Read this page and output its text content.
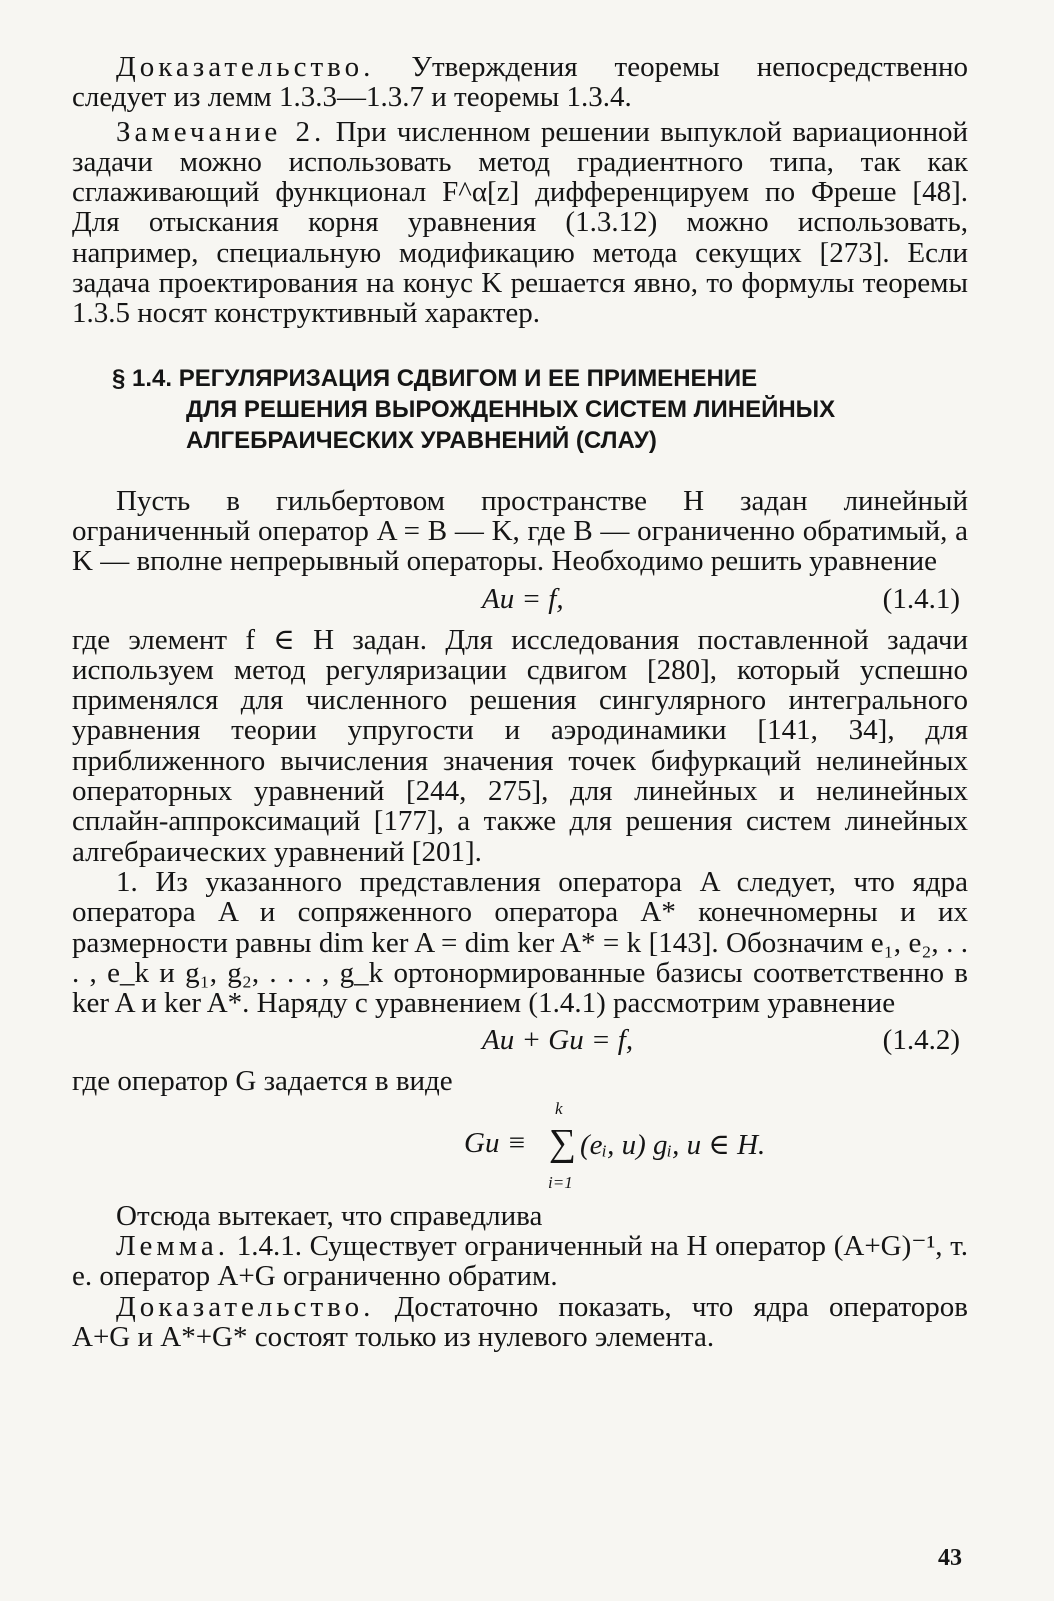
Доказательство. Утверждения теоремы непосредственно следует из лемм 1.3.3—1.3.7 и теоремы 1.3.4.

Замечание 2. При численном решении выпуклой вариационной задачи можно использовать метод градиентного типа, так как сглаживающий функционал F^α[z] дифференцируем по Фреше [48]. Для отыскания корня уравнения (1.3.12) можно использовать, например, специальную модификацию метода секущих [273]. Если задача проектирования на конус K решается явно, то формулы теоремы 1.3.5 носят конструктивный характер.

§ 1.4. РЕГУЛЯРИЗАЦИЯ СДВИГОМ И ЕЕ ПРИМЕНЕНИЕ
ДЛЯ РЕШЕНИЯ ВЫРОЖДЕННЫХ СИСТЕМ ЛИНЕЙНЫХ
АЛГЕБРАИЧЕСКИХ УРАВНЕНИЙ (СЛАУ)

Пусть в гильбертовом пространстве H задан линейный ограниченный оператор A = B — K, где B — ограниченно обратимый, а K — вполне непрерывный операторы. Необходимо решить уравнение

Au = f,	(1.4.1)

где элемент f ∈ H задан. Для исследования поставленной задачи используем метод регуляризации сдвигом [280], который успешно применялся для численного решения сингулярного интегрального уравнения теории упругости и аэродинамики [141, 34], для приближенного вычисления значения точек бифуркаций нелинейных операторных уравнений [244, 275], для линейных и нелинейных сплайн-аппроксимаций [177], а также для решения систем линейных алгебраических уравнений [201].

1. Из указанного представления оператора A следует, что ядра оператора A и сопряженного оператора A* конечномерны и их размерности равны dim ker A = dim ker A* = k [143]. Обозначим e₁, e₂, . . . , e_k и g₁, g₂, . . . , g_k ортонормированные базисы соответственно в ker A и ker A*. Наряду с уравнением (1.4.1) рассмотрим уравнение

Au + Gu = f,	(1.4.2)

где оператор G задается в виде

Gu ≡
k
∑
i=1
(eᵢ, u) gᵢ, u ∈ H.

Отсюда вытекает, что справедлива

Лемма. 1.4.1. Существует ограниченный на H оператор (A+G)⁻¹, т. е. оператор A+G ограниченно обратим.

Доказательство. Достаточно показать, что ядра операторов A+G и A*+G* состоят только из нулевого элемента.

43
